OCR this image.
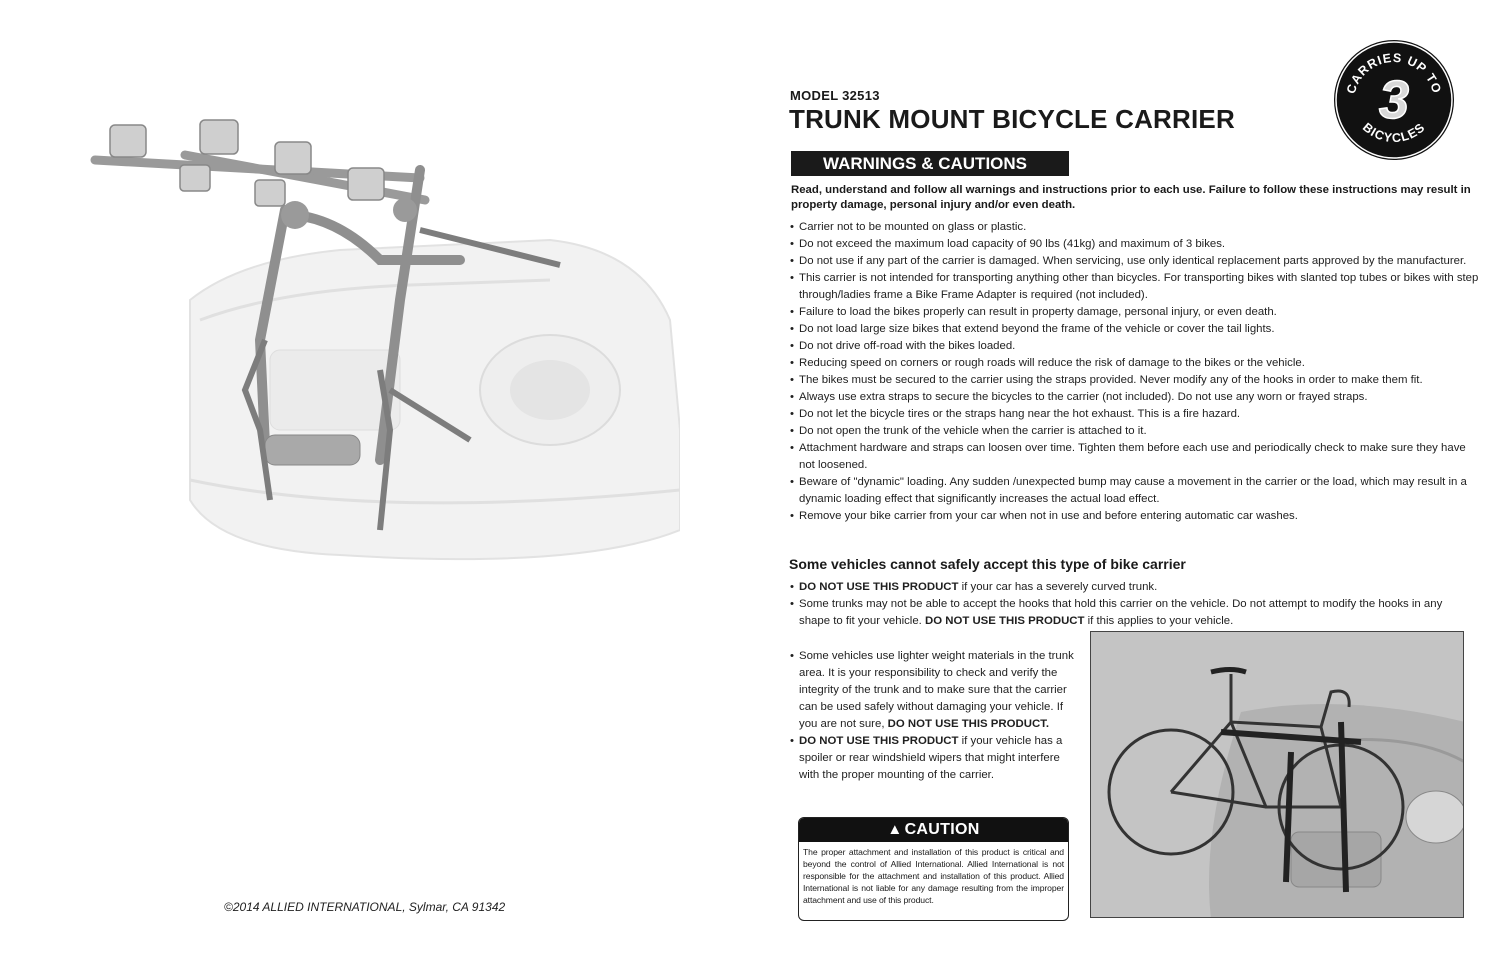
©2014 ALLIED INTERNATIONAL, Sylmar, CA 91342
MODEL 32513
TRUNK MOUNT BICYCLE CARRIER
CARRIES UP TO
3
BICYCLES
WARNINGS & CAUTIONS
Read, understand and follow all warnings and instructions prior to each use. Failure to follow these instructions may result in property damage, personal injury and/or even death.
• Carrier not to be mounted on glass or plastic.
• Do not exceed the maximum load capacity of 90 lbs (41kg) and maximum of 3 bikes.
• Do not use if any part of the carrier is damaged. When servicing, use only identical replacement parts approved by the manufacturer.
• This carrier is not intended for transporting anything other than bicycles. For transporting bikes with slanted top tubes or bikes with step through/ladies frame a Bike Frame Adapter is required (not included).
• Failure to load the bikes properly can result in property damage, personal injury, or even death.
• Do not load large size bikes that extend beyond the frame of the vehicle or cover the tail lights.
• Do not drive off-road with the bikes loaded.
• Reducing speed on corners or rough roads will reduce the risk of damage to the bikes or the vehicle.
• The bikes must be secured to the carrier using the straps provided. Never modify any of the hooks in order to make them fit.
• Always use extra straps to secure the bicycles to the carrier (not included). Do not use any worn or frayed straps.
• Do not let the bicycle tires or the straps hang near the hot exhaust. This is a fire hazard.
• Do not open the trunk of the vehicle when the carrier is attached to it.
• Attachment hardware and straps can loosen over time. Tighten them before each use and periodically check to make sure they have not loosened.
• Beware of "dynamic" loading. Any sudden /unexpected bump may cause a movement in the carrier or the load, which may result in a dynamic loading effect that significantly increases the actual load effect.
• Remove your bike carrier from your car when not in use and before entering automatic car washes.
Some vehicles cannot safely accept this type of bike carrier
• DO NOT USE THIS PRODUCT if your car has a severely curved trunk.
• Some trunks may not be able to accept the hooks that hold this carrier on the vehicle. Do not attempt to modify the hooks in any shape to fit your vehicle. DO NOT USE THIS PRODUCT if this applies to your vehicle.
• Some vehicles use lighter weight materials in the trunk area. It is your responsibility to check and verify the integrity of the trunk and to make sure that the carrier can be used safely without damaging your vehicle. If you are not sure, DO NOT USE THIS PRODUCT.
• DO NOT USE THIS PRODUCT if your vehicle has a spoiler or rear windshield wipers that might interfere with the proper mounting of the carrier.
▲ CAUTION
The proper attachment and installation of this product is critical and beyond the control of Allied International. Allied International is not responsible for the attachment and installation of this product. Allied International is not liable for any damage resulting from the improper attachment and use of this product.
